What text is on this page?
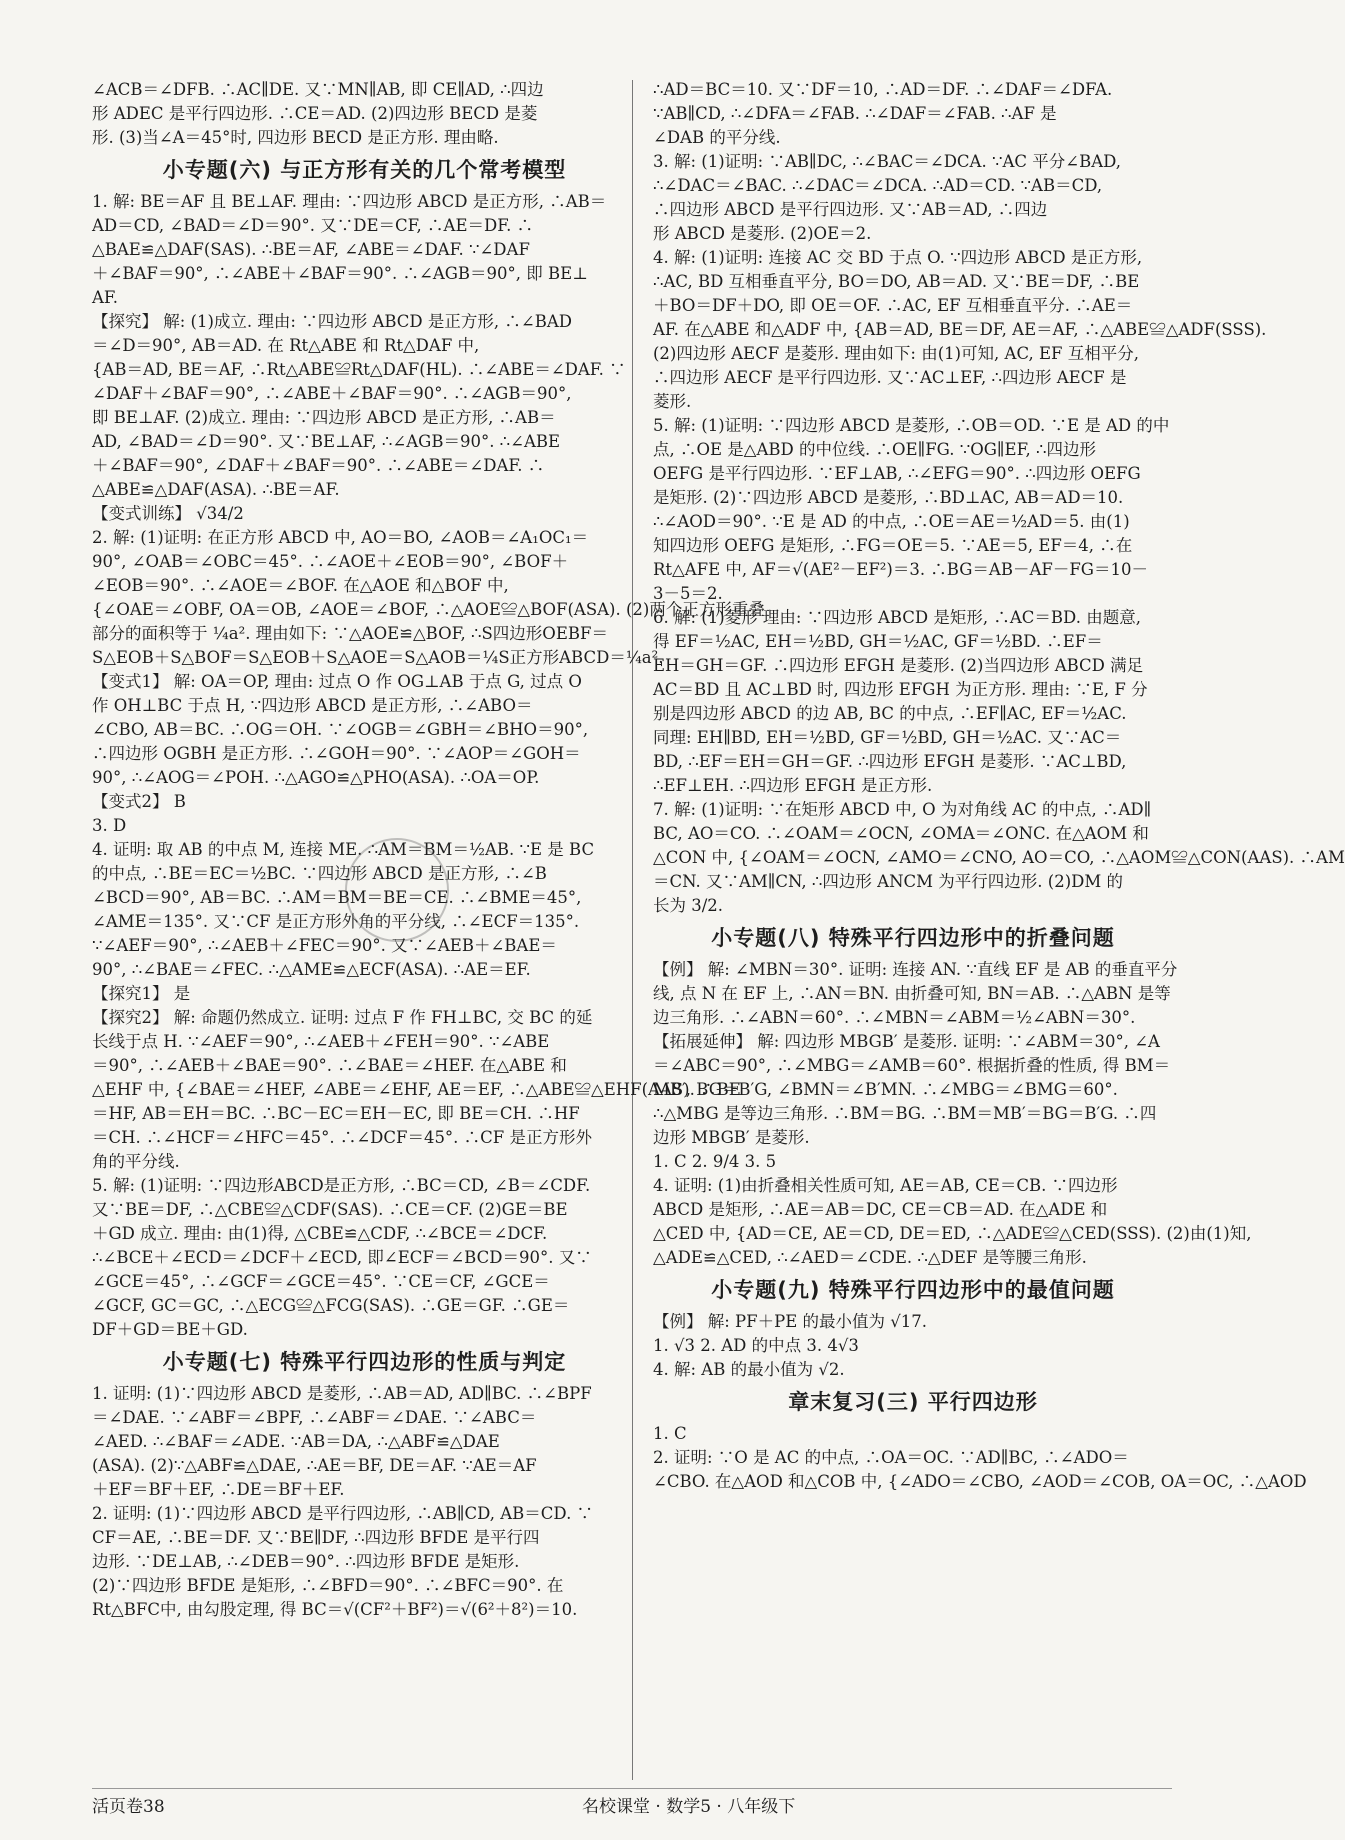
∠ACB＝∠DFB. ∴AC∥DE. 又∵MN∥AB, 即 CE∥AD, ∴四边
形 ADEC 是平行四边形. ∴CE＝AD. (2)四边形 BECD 是菱
形. (3)当∠A＝45°时, 四边形 BECD 是正方形. 理由略.
小专题(六) 与正方形有关的几个常考模型
1. 解: BE＝AF 且 BE⊥AF. 理由: ∵四边形 ABCD 是正方形, ∴AB＝
AD＝CD, ∠BAD＝∠D＝90°. 又∵DE＝CF, ∴AE＝DF. ∴
△BAE≌△DAF(SAS). ∴BE＝AF, ∠ABE＝∠DAF. ∵∠DAF
＋∠BAF＝90°, ∴∠ABE＋∠BAF＝90°. ∴∠AGB＝90°, 即 BE⊥
AF.
【探究】 解: (1)成立. 理由: ∵四边形 ABCD 是正方形, ∴∠BAD
＝∠D＝90°, AB＝AD. 在 Rt△ABE 和 Rt△DAF 中,
{AB＝AD, BE＝AF, ∴Rt△ABE≌Rt△DAF(HL). ∴∠ABE＝∠DAF. ∵
∠DAF＋∠BAF＝90°, ∴∠ABE＋∠BAF＝90°. ∴∠AGB＝90°,
即 BE⊥AF. (2)成立. 理由: ∵四边形 ABCD 是正方形, ∴AB＝
AD, ∠BAD＝∠D＝90°. 又∵BE⊥AF, ∴∠AGB＝90°. ∴∠ABE
＋∠BAF＝90°, ∠DAF＋∠BAF＝90°. ∴∠ABE＝∠DAF. ∴
△ABE≌△DAF(ASA). ∴BE＝AF.
【变式训练】 √34/2
2. 解: (1)证明: 在正方形 ABCD 中, AO＝BO, ∠AOB＝∠A₁OC₁＝
90°, ∠OAB＝∠OBC＝45°. ∴∠AOE＋∠EOB＝90°, ∠BOF＋
∠EOB＝90°. ∴∠AOE＝∠BOF. 在△AOE 和△BOF 中,
{∠OAE＝∠OBF, OA＝OB, ∠AOE＝∠BOF, ∴△AOE≌△BOF(ASA). (2)两个正方形重叠
部分的面积等于 ¼a². 理由如下: ∵△AOE≌△BOF, ∴S四边形OEBF＝
S△EOB＋S△BOF＝S△EOB＋S△AOE＝S△AOB＝¼S正方形ABCD＝¼a².
【变式1】 解: OA＝OP, 理由: 过点 O 作 OG⊥AB 于点 G, 过点 O
作 OH⊥BC 于点 H, ∵四边形 ABCD 是正方形, ∴∠ABO＝
∠CBO, AB＝BC. ∴OG＝OH. ∵∠OGB＝∠GBH＝∠BHO＝90°,
∴四边形 OGBH 是正方形. ∴∠GOH＝90°. ∵∠AOP＝∠GOH＝
90°, ∴∠AOG＝∠POH. ∴△AGO≌△PHO(ASA). ∴OA＝OP.
【变式2】 B
3. D
4. 证明: 取 AB 的中点 M, 连接 ME. ∴AM＝BM＝½AB. ∵E 是 BC
的中点, ∴BE＝EC＝½BC. ∵四边形 ABCD 是正方形, ∴∠B
∠BCD＝90°, AB＝BC. ∴AM＝BM＝BE＝CE. ∴∠BME＝45°,
∠AME＝135°. 又∵CF 是正方形外角的平分线, ∴∠ECF＝135°.
∵∠AEF＝90°, ∴∠AEB＋∠FEC＝90°. 又∵∠AEB＋∠BAE＝
90°, ∴∠BAE＝∠FEC. ∴△AME≌△ECF(ASA). ∴AE＝EF.
【探究1】 是
【探究2】 解: 命题仍然成立. 证明: 过点 F 作 FH⊥BC, 交 BC 的延
长线于点 H. ∵∠AEF＝90°, ∴∠AEB＋∠FEH＝90°. ∵∠ABE
＝90°, ∴∠AEB＋∠BAE＝90°. ∴∠BAE＝∠HEF. 在△ABE 和
△EHF 中, {∠BAE＝∠HEF, ∠ABE＝∠EHF, AE＝EF, ∴△ABE≌△EHF(AAS). ∴BE
＝HF, AB＝EH＝BC. ∴BC－EC＝EH－EC, 即 BE＝CH. ∴HF
＝CH. ∴∠HCF＝∠HFC＝45°. ∴∠DCF＝45°. ∴CF 是正方形外
角的平分线.
5. 解: (1)证明: ∵四边形ABCD是正方形, ∴BC＝CD, ∠B＝∠CDF.
又∵BE＝DF, ∴△CBE≌△CDF(SAS). ∴CE＝CF. (2)GE＝BE
＋GD 成立. 理由: 由(1)得, △CBE≌△CDF, ∴∠BCE＝∠DCF.
∴∠BCE＋∠ECD＝∠DCF＋∠ECD, 即∠ECF＝∠BCD＝90°. 又∵
∠GCE＝45°, ∴∠GCF＝∠GCE＝45°. ∵CE＝CF, ∠GCE＝
∠GCF, GC＝GC, ∴△ECG≌△FCG(SAS). ∴GE＝GF. ∴GE＝
DF＋GD＝BE＋GD.
小专题(七) 特殊平行四边形的性质与判定
1. 证明: (1)∵四边形 ABCD 是菱形, ∴AB＝AD, AD∥BC. ∴∠BPF
＝∠DAE. ∵∠ABF＝∠BPF, ∴∠ABF＝∠DAE. ∵∠ABC＝
∠AED. ∴∠BAF＝∠ADE. ∵AB＝DA, ∴△ABF≌△DAE
(ASA). (2)∵△ABF≌△DAE, ∴AE＝BF, DE＝AF. ∵AE＝AF
＋EF＝BF＋EF, ∴DE＝BF＋EF.
2. 证明: (1)∵四边形 ABCD 是平行四边形, ∴AB∥CD, AB＝CD. ∵
CF＝AE, ∴BE＝DF. 又∵BE∥DF, ∴四边形 BFDE 是平行四
边形. ∵DE⊥AB, ∴∠DEB＝90°. ∴四边形 BFDE 是矩形.
(2)∵四边形 BFDE 是矩形, ∴∠BFD＝90°. ∴∠BFC＝90°. 在
Rt△BFC中, 由勾股定理, 得 BC＝√(CF²＋BF²)＝√(6²＋8²)＝10.
∴AD＝BC＝10. 又∵DF＝10, ∴AD＝DF. ∴∠DAF＝∠DFA.
∵AB∥CD, ∴∠DFA＝∠FAB. ∴∠DAF＝∠FAB. ∴AF 是
∠DAB 的平分线.
3. 解: (1)证明: ∵AB∥DC, ∴∠BAC＝∠DCA. ∵AC 平分∠BAD,
∴∠DAC＝∠BAC. ∴∠DAC＝∠DCA. ∴AD＝CD. ∵AB＝CD,
∴四边形 ABCD 是平行四边形. 又∵AB＝AD, ∴四边
形 ABCD 是菱形. (2)OE＝2.
4. 解: (1)证明: 连接 AC 交 BD 于点 O. ∵四边形 ABCD 是正方形,
∴AC, BD 互相垂直平分, BO＝DO, AB＝AD. 又∵BE＝DF, ∴BE
＋BO＝DF＋DO, 即 OE＝OF. ∴AC, EF 互相垂直平分. ∴AE＝
AF. 在△ABE 和△ADF 中, {AB＝AD, BE＝DF, AE＝AF, ∴△ABE≌△ADF(SSS).
(2)四边形 AECF 是菱形. 理由如下: 由(1)可知, AC, EF 互相平分,
∴四边形 AECF 是平行四边形. 又∵AC⊥EF, ∴四边形 AECF 是
菱形.
5. 解: (1)证明: ∵四边形 ABCD 是菱形, ∴OB＝OD. ∵E 是 AD 的中
点, ∴OE 是△ABD 的中位线. ∴OE∥FG. ∵OG∥EF, ∴四边形
OEFG 是平行四边形. ∵EF⊥AB, ∴∠EFG＝90°. ∴四边形 OEFG
是矩形. (2)∵四边形 ABCD 是菱形, ∴BD⊥AC, AB＝AD＝10.
∴∠AOD＝90°. ∵E 是 AD 的中点, ∴OE＝AE＝½AD＝5. 由(1)
知四边形 OEFG 是矩形, ∴FG＝OE＝5. ∵AE＝5, EF＝4, ∴在
Rt△AFE 中, AF＝√(AE²－EF²)＝3. ∴BG＝AB－AF－FG＝10－
3－5＝2.
6. 解: (1)菱形 理由: ∵四边形 ABCD 是矩形, ∴AC＝BD. 由题意,
得 EF＝½AC, EH＝½BD, GH＝½AC, GF＝½BD. ∴EF＝
EH＝GH＝GF. ∴四边形 EFGH 是菱形. (2)当四边形 ABCD 满足
AC＝BD 且 AC⊥BD 时, 四边形 EFGH 为正方形. 理由: ∵E, F 分
别是四边形 ABCD 的边 AB, BC 的中点, ∴EF∥AC, EF＝½AC.
同理: EH∥BD, EH＝½BD, GF＝½BD, GH＝½AC. 又∵AC＝
BD, ∴EF＝EH＝GH＝GF. ∴四边形 EFGH 是菱形. ∵AC⊥BD,
∴EF⊥EH. ∴四边形 EFGH 是正方形.
7. 解: (1)证明: ∵在矩形 ABCD 中, O 为对角线 AC 的中点, ∴AD∥
BC, AO＝CO. ∴∠OAM＝∠OCN, ∠OMA＝∠ONC. 在△AOM 和
△CON 中, {∠OAM＝∠OCN, ∠AMO＝∠CNO, AO＝CO, ∴△AOM≌△CON(AAS). ∴AM
＝CN. 又∵AM∥CN, ∴四边形 ANCM 为平行四边形. (2)DM 的
长为 3/2.
小专题(八) 特殊平行四边形中的折叠问题
【例】 解: ∠MBN＝30°. 证明: 连接 AN. ∵直线 EF 是 AB 的垂直平分
线, 点 N 在 EF 上, ∴AN＝BN. 由折叠可知, BN＝AB. ∴△ABN 是等
边三角形. ∴∠ABN＝60°. ∴∠MBN＝∠ABM＝½∠ABN＝30°.
【拓展延伸】 解: 四边形 MBGB′ 是菱形. 证明: ∵∠ABM＝30°, ∠A
＝∠ABC＝90°, ∴∠MBG＝∠AMB＝60°. 根据折叠的性质, 得 BM＝
MB′, BG＝B′G, ∠BMN＝∠B′MN. ∴∠MBG＝∠BMG＝60°.
∴△MBG 是等边三角形. ∴BM＝BG. ∴BM＝MB′＝BG＝B′G. ∴四
边形 MBGB′ 是菱形.
1. C 2. 9/4 3. 5
4. 证明: (1)由折叠相关性质可知, AE＝AB, CE＝CB. ∵四边形
ABCD 是矩形, ∴AE＝AB＝DC, CE＝CB＝AD. 在△ADE 和
△CED 中, {AD＝CE, AE＝CD, DE＝ED, ∴△ADE≌△CED(SSS). (2)由(1)知,
△ADE≌△CED, ∴∠AED＝∠CDE. ∴△DEF 是等腰三角形.
小专题(九) 特殊平行四边形中的最值问题
【例】 解: PF＋PE 的最小值为 √17.
1. √3 2. AD 的中点 3. 4√3
4. 解: AB 的最小值为 √2.
章末复习(三) 平行四边形
1. C
2. 证明: ∵O 是 AC 的中点, ∴OA＝OC. ∵AD∥BC, ∴∠ADO＝
∠CBO. 在△AOD 和△COB 中, {∠ADO＝∠CBO, ∠AOD＝∠COB, OA＝OC, ∴△AOD
活页卷38	名校课堂 · 数学5 · 八年级下
